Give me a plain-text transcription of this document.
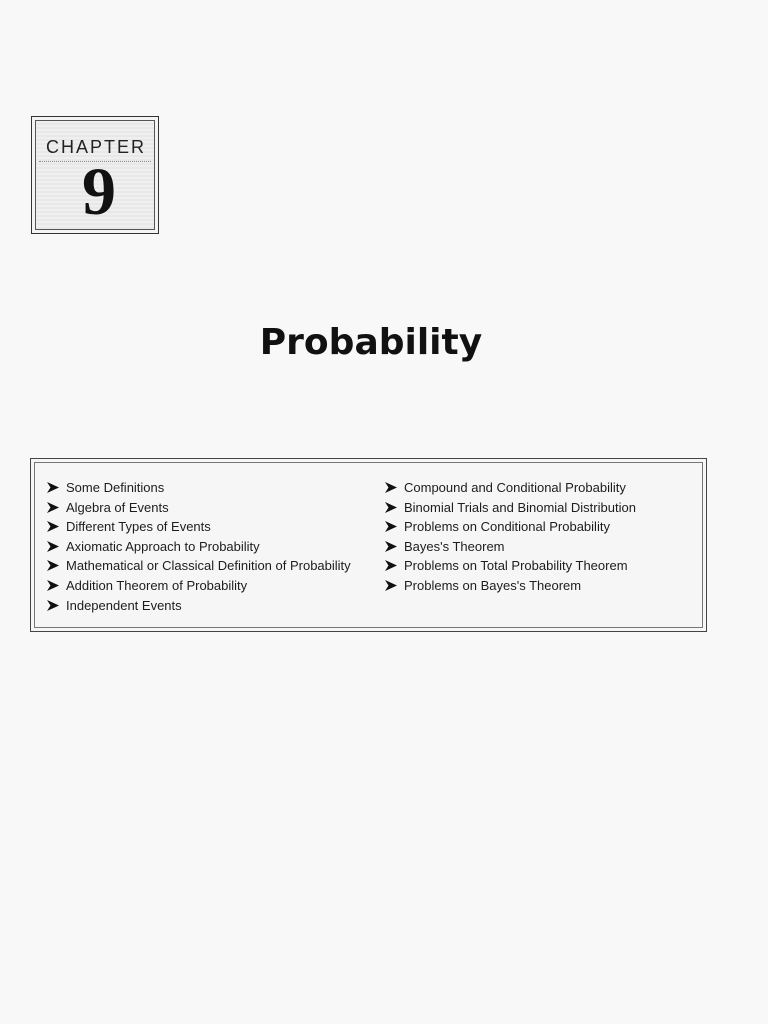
CHAPTER
9
Probability
Some Definitions
Algebra of Events
Different Types of Events
Axiomatic Approach to Probability
Mathematical or Classical Definition of Probability
Addition Theorem of Probability
Independent Events
Compound and Conditional Probability
Binomial Trials and Binomial Distribution
Problems on Conditional Probability
Bayes's Theorem
Problems on Total Probability Theorem
Problems on Bayes's Theorem
